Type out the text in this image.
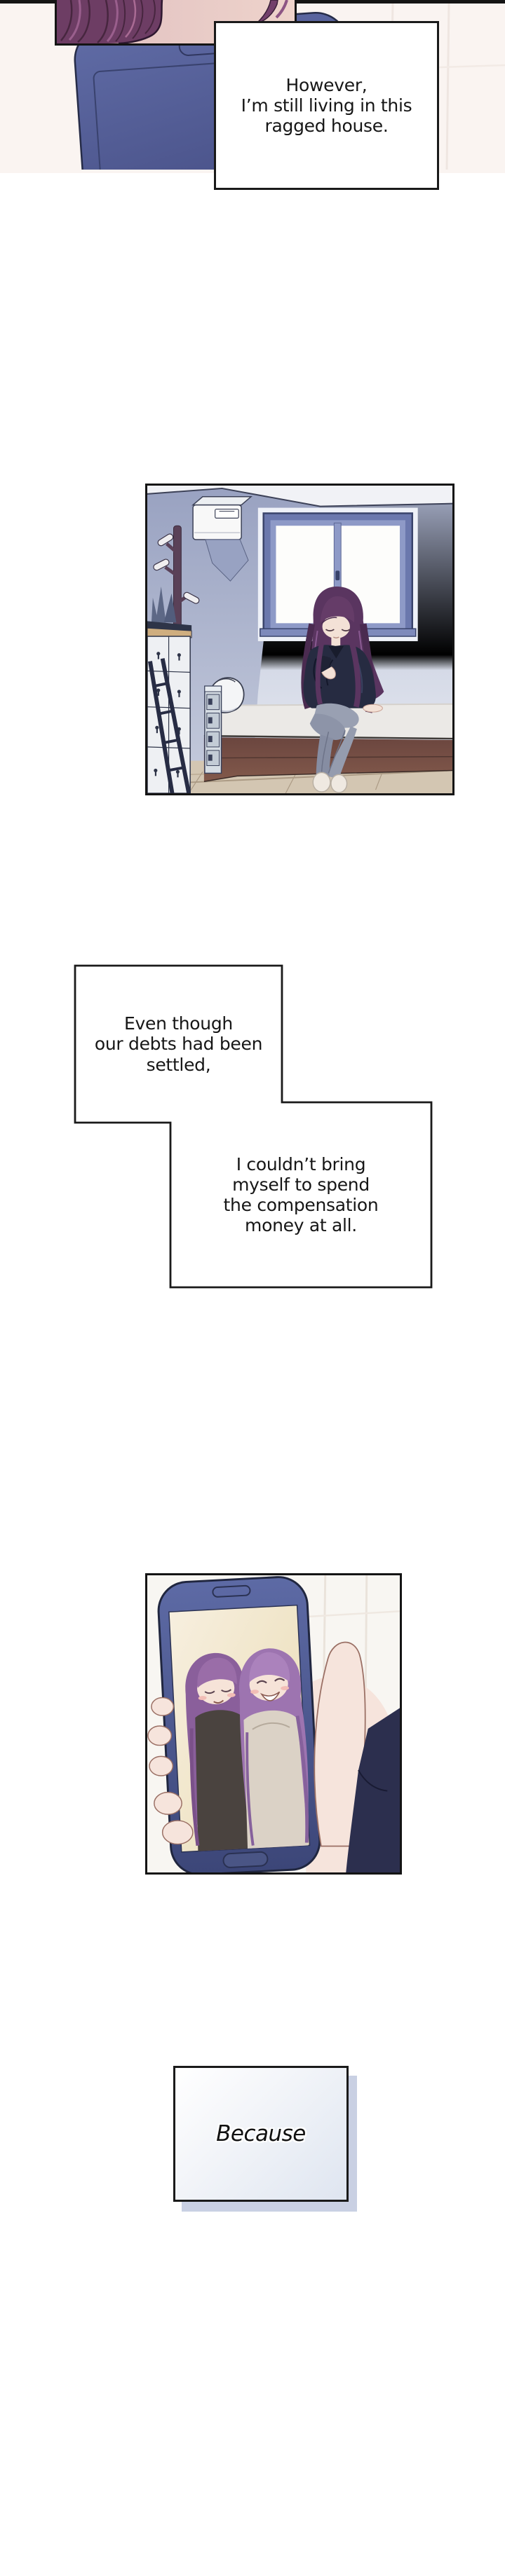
However,
I’m still living in this
ragged house.
Even though
our debts had been
settled,
I couldn’t bring
myself to spend
the compensation
money at all.
Because
